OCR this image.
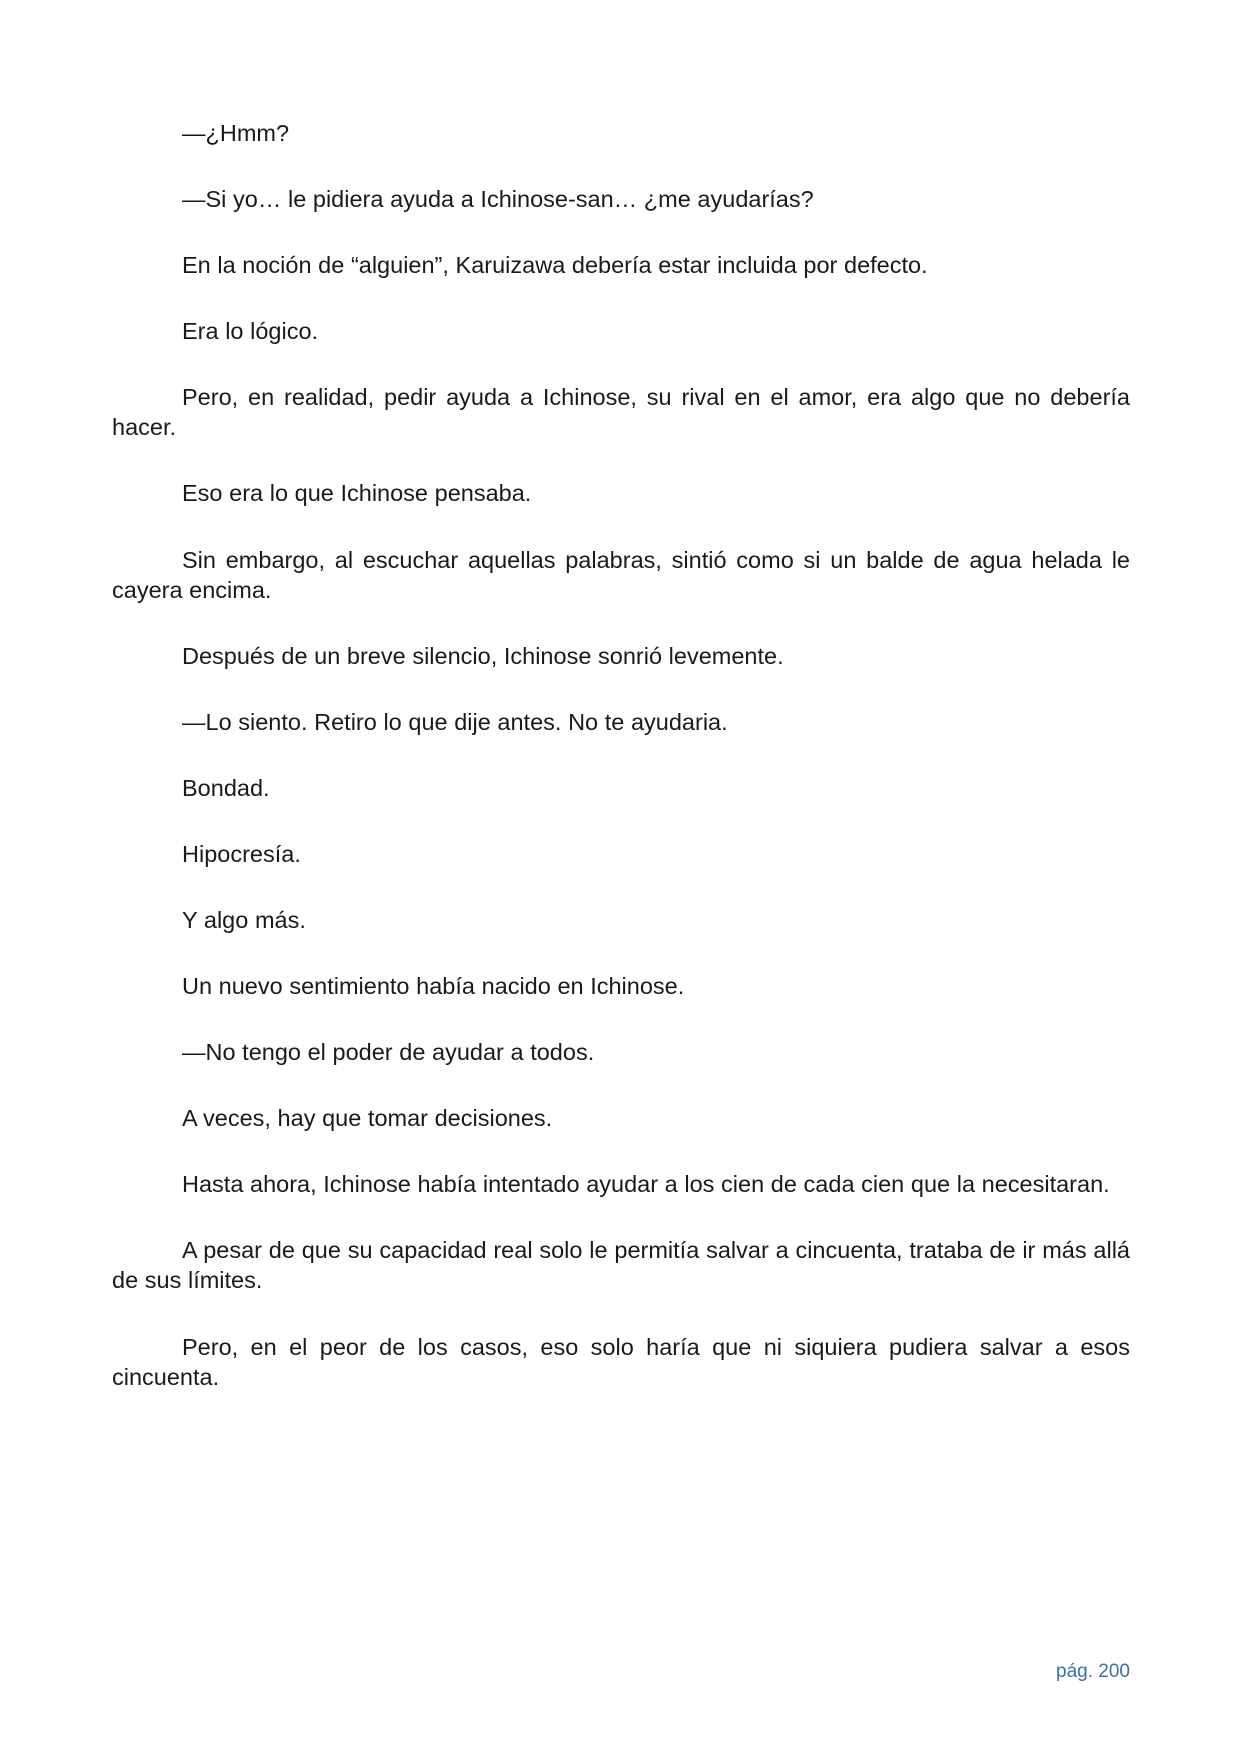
—¿Hmm?

—Si yo… le pidiera ayuda a Ichinose-san… ¿me ayudarías?

En la noción de “alguien”, Karuizawa debería estar incluida por defecto.

Era lo lógico.

Pero, en realidad, pedir ayuda a Ichinose, su rival en el amor, era algo que no debería hacer.

Eso era lo que Ichinose pensaba.

Sin embargo, al escuchar aquellas palabras, sintió como si un balde de agua helada le cayera encima.

Después de un breve silencio, Ichinose sonrió levemente.

—Lo siento. Retiro lo que dije antes. No te ayudaria.

Bondad.

Hipocresía.

Y algo más.

Un nuevo sentimiento había nacido en Ichinose.

—No tengo el poder de ayudar a todos.

A veces, hay que tomar decisiones.

Hasta ahora, Ichinose había intentado ayudar a los cien de cada cien que la necesitaran.

A pesar de que su capacidad real solo le permitía salvar a cincuenta, trataba de ir más allá de sus límites.

Pero, en el peor de los casos, eso solo haría que ni siquiera pudiera salvar a esos cincuenta.

pág. 200
